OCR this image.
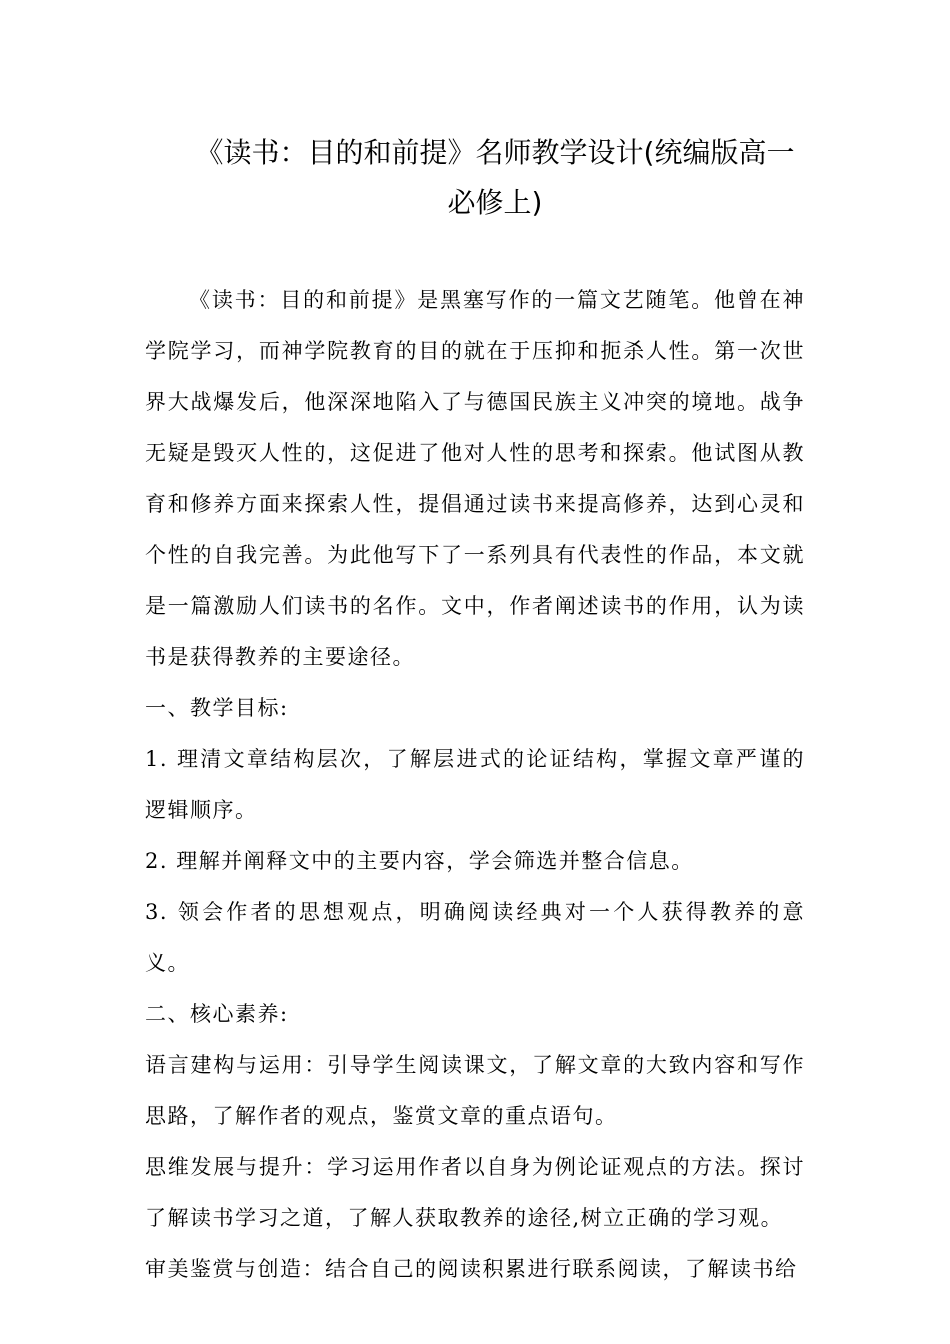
《读书：目的和前提》名师教学设计(统编版高一必修上)

《读书：目的和前提》是黑塞写作的一篇文艺随笔。他曾在神学院学习，而神学院教育的目的就在于压抑和扼杀人性。第一次世界大战爆发后，他深深地陷入了与德国民族主义冲突的境地。战争无疑是毁灭人性的，这促进了他对人性的思考和探索。他试图从教育和修养方面来探索人性，提倡通过读书来提高修养，达到心灵和个性的自我完善。为此他写下了一系列具有代表性的作品，本文就是一篇激励人们读书的名作。文中，作者阐述读书的作用，认为读书是获得教养的主要途径。

一、教学目标:

1. 理清文章结构层次，了解层进式的论证结构，掌握文章严谨的逻辑顺序。

2. 理解并阐释文中的主要内容，学会筛选并整合信息。

3. 领会作者的思想观点，明确阅读经典对一个人获得教养的意义。

二、核心素养:

语言建构与运用：引导学生阅读课文，了解文章的大致内容和写作思路，了解作者的观点，鉴赏文章的重点语句。

思维发展与提升：学习运用作者以自身为例论证观点的方法。探讨了解读书学习之道，了解人获取教养的途径,树立正确的学习观。

审美鉴赏与创造：结合自己的阅读积累进行联系阅读，了解读书给
